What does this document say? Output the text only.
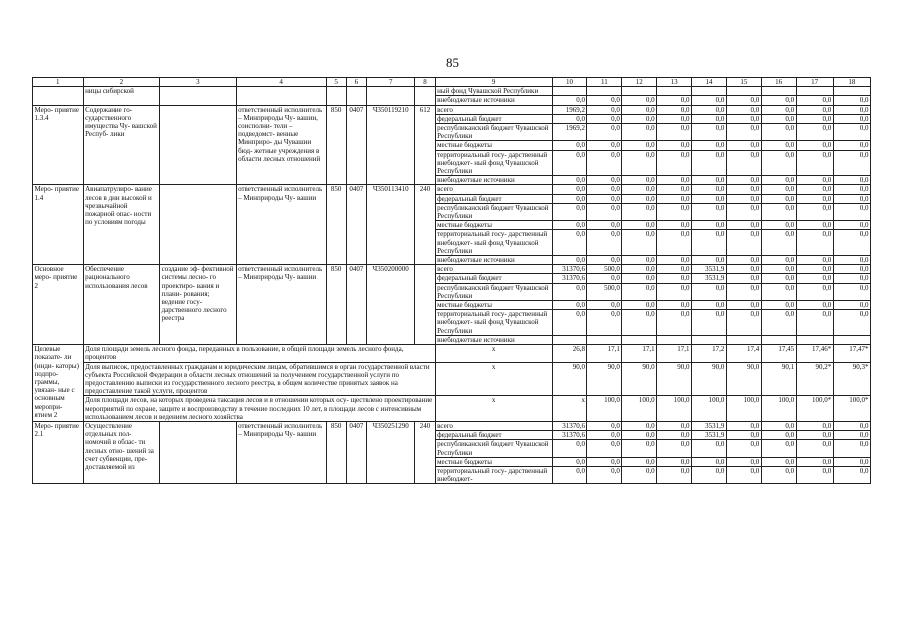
85
1	2	3	4	5	6	7	8	9	10	11	12	13	14	15	16	17	18
	ницы сибирской							ный фонд Чувашской Республики									
								внебюджетные источники	0,0	0,0	0,0	0,0	0,0	0,0	0,0	0,0	0,0
Меро- приятие 1.3.4	Содержание го- сударственного имущества Чу- вашской Респуб- лики		ответственный исполнитель – Минприроды Чу- вашии, соисполни- тели – подведомст- венные Минприро- ды Чувашии бюд- жетные учреждения в области лесных отношений	850	0407	Ч350119210	612	всего	1969,2	0,0	0,0	0,0	0,0	0,0	0,0	0,0	0,0
								федеральный бюджет	0,0	0,0	0,0	0,0	0,0	0,0	0,0	0,0	0,0
								республиканский бюджет Чувашской Республики	1969,2	0,0	0,0	0,0	0,0	0,0	0,0	0,0	0,0
								местные бюджеты	0,0	0,0	0,0	0,0	0,0	0,0	0,0	0,0	0,0
								территориальный госу- дарственный внебюджет- ный фонд Чувашской Республики	0,0	0,0	0,0	0,0	0,0	0,0	0,0	0,0	0,0
								внебюджетные источники	0,0	0,0	0,0	0,0	0,0	0,0	0,0	0,0	0,0
Меро- приятие 1.4	Авиапатрулиро- вание лесов в дни высокой и чрезвычайной пожарной опас- ности по условиям погоды		ответственный исполнитель – Минприроды Чу- вашии	850	0407	Ч350113410	240	всего	0,0	0,0	0,0	0,0	0,0	0,0	0,0	0,0	0,0
								федеральный бюджет	0,0	0,0	0,0	0,0	0,0	0,0	0,0	0,0	0,0
								республиканский бюджет Чувашской Республики	0,0	0,0	0,0	0,0	0,0	0,0	0,0	0,0	0,0
								местные бюджеты	0,0	0,0	0,0	0,0	0,0	0,0	0,0	0,0	0,0
								территориальный госу- дарственный внебюджет- ный фонд Чувашской Республики	0,0	0,0	0,0	0,0	0,0	0,0	0,0	0,0	0,0
								внебюджетные источники	0,0	0,0	0,0	0,0	0,0	0,0	0,0	0,0	0,0
Основное меро- приятие 2	Обеспечение рационального использования лесов	создание эф- фективной системы лесно- го проектиро- вания и плани- рования; ведение госу- дарственного лесного реестра	ответственный исполнитель – Минприроды Чу- вашии	850	0407	Ч350200000		всего	31370,6	500,0	0,0	0,0	3531,9	0,0	0,0	0,0	0,0
								федеральный бюджет	31370,6	0,0	0,0	0,0	3531,9	0,0	0,0	0,0	0,0
								республиканский бюджет Чувашской Республики	0,0	500,0	0,0	0,0	0,0	0,0	0,0	0,0	0,0
								местные бюджеты	0,0	0,0	0,0	0,0	0,0	0,0	0,0	0,0	0,0
								территориальный госу- дарственный внебюджет- ный фонд Чувашской Республики	0,0	0,0	0,0	0,0	0,0	0,0	0,0	0,0	0,0
								внебюджетные источники									
Целевые показате- ли (инди- каторы) подпро- граммы, увязан- ные с основным меропри- ятием 2	Доля площади земель лесного фонда, переданных в пользование, в общей площади земель лесного фонда, процентов							x	26,8	17,1	17,1	17,1	17,2	17,4	17,45	17,46*	17,47*
	Доля выписок, предоставленных гражданам и юридическим лицам, обратившимся в орган государственной власти субъекта Российской Федерации в области лесных отношений за получением государственной услуги по предоставлению выписки из государственного лесного реестра, в общем количестве принятых заявок на предоставление такой услуги, процентов							x	90,0	90,0	90,0	90,0	90,0	90,0	90,1	90,2*	90,3*
	Доля площади лесов, на которых проведена таксация лесов и в отношении которых осу- ществлено проектирование мероприятий по охране, защите и воспроизводству в течение последних 10 лет, в площади лесов с интенсивным использованием лесов и ведением лесного хозяйства							x	x	100,0	100,0	100,0	100,0	100,0	100,0	100,0*	100,0*
Меро- приятие 2.1	Осуществление отдельных пол- номочий в облас- ти лесных отно- шений за счет субвенции, пре- доставляемой из		ответственный исполнитель – Минприроды Чу- вашии	850	0407	Ч350251290	240	всего	31370,6	0,0	0,0	0,0	3531,9	0,0	0,0	0,0	0,0
								федеральный бюджет	31370,6	0,0	0,0	0,0	3531,9	0,0	0,0	0,0	0,0
								республиканский бюджет Чувашской Республики	0,0	0,0	0,0	0,0	0,0	0,0	0,0	0,0	0,0
								местные бюджеты	0,0	0,0	0,0	0,0	0,0	0,0	0,0	0,0	0,0
								территориальный госу- дарственный внебюджет-	0,0	0,0	0,0	0,0	0,0	0,0	0,0	0,0	0,0
